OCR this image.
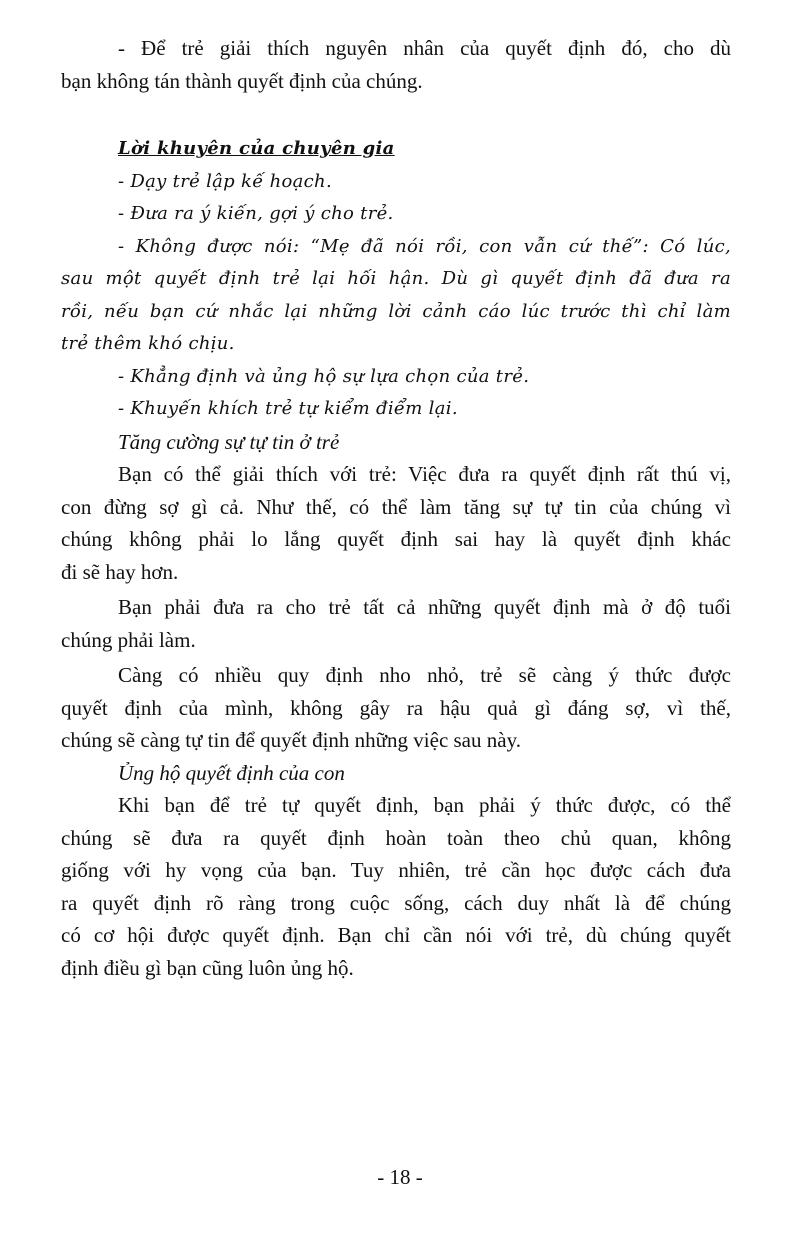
- Để trẻ giải thích nguyên nhân của quyết định đó, cho dù
bạn không tán thành quyết định của chúng.
Lời khuyên của chuyên gia
- Dạy trẻ lập kế hoạch.
- Đưa ra ý kiến, gợi ý cho trẻ.
- Không được nói: “Mẹ đã nói rồi, con vẫn cứ thế”: Có lúc,
sau một quyết định trẻ lại hối hận. Dù gì quyết định đã đưa ra
rồi, nếu bạn cứ nhắc lại những lời cảnh cáo lúc trước thì chỉ làm
trẻ thêm khó chịu.
- Khẳng định và ủng hộ sự lựa chọn của trẻ.
- Khuyến khích trẻ tự kiểm điểm lại.
Tăng cường sự tự tin ở trẻ
Bạn có thể giải thích với trẻ: Việc đưa ra quyết định rất thú vị,
con đừng sợ gì cả. Như thế, có thể làm tăng sự tự tin của chúng vì
chúng không phải lo lắng quyết định sai hay là quyết định khác
đi sẽ hay hơn.
Bạn phải đưa ra cho trẻ tất cả những quyết định mà ở độ tuổi
chúng phải làm.
Càng có nhiều quy định nho nhỏ, trẻ sẽ càng ý thức được
quyết định của mình, không gây ra hậu quả gì đáng sợ, vì thế,
chúng sẽ càng tự tin để quyết định những việc sau này.
Ủng hộ quyết định của con
Khi bạn để trẻ tự quyết định, bạn phải ý thức được, có thể
chúng sẽ đưa ra quyết định hoàn toàn theo chủ quan, không
giống với hy vọng của bạn. Tuy nhiên, trẻ cần học được cách đưa
ra quyết định rõ ràng trong cuộc sống, cách duy nhất là để chúng
có cơ hội được quyết định. Bạn chỉ cần nói với trẻ, dù chúng quyết
định điều gì bạn cũng luôn ủng hộ.
- 18 -
